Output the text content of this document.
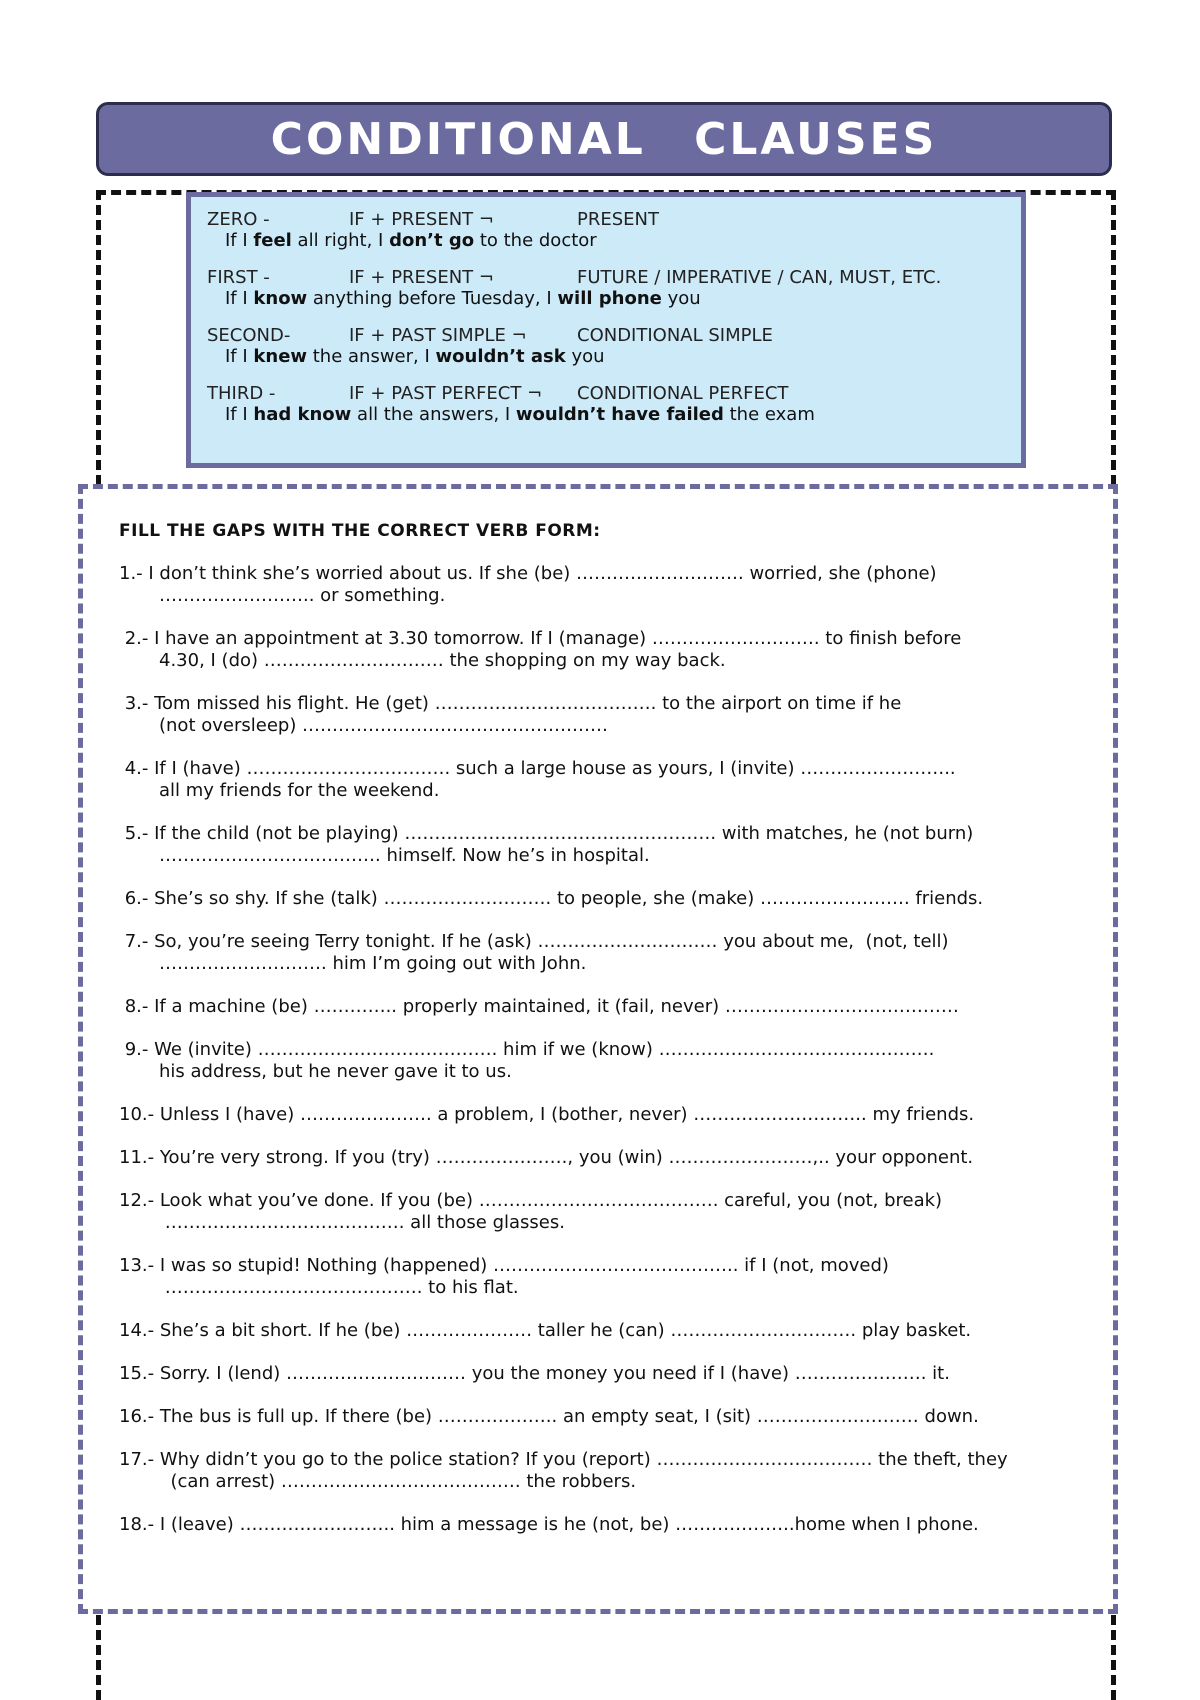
CONDITIONAL CLAUSES
ZERO -	IF + PRESENT ¬	PRESENT
If I feel all right, I don’t go to the doctor
FIRST -	IF + PRESENT ¬	FUTURE / IMPERATIVE / CAN, MUST, ETC.
If I know anything before Tuesday, I will phone you
SECOND-	IF + PAST SIMPLE ¬	CONDITIONAL SIMPLE
If I knew the answer, I wouldn’t ask you
THIRD -	IF + PAST PERFECT ¬	CONDITIONAL PERFECT
If I had know all the answers, I wouldn’t have failed the exam
FILL THE GAPS WITH THE CORRECT VERB FORM:
1.- I don’t think she’s worried about us. If she (be) ………………………. worried, she (phone)
…………………….. or something.
2.- I have an appointment at 3.30 tomorrow. If I (manage) ………………………. to finish before
4.30, I (do) ………………………… the shopping on my way back.
3.- Tom missed his flight. He (get) ………………………………. to the airport on time if he
(not oversleep) ……………………………………………
4.- If I (have) ……………………………. such a large house as yours, I (invite) ……………………..
all my friends for the weekend.
5.- If the child (not be playing) ……………………………………………. with matches, he (not burn)
………………………………. himself. Now he’s in hospital.
6.- She’s so shy. If she (talk) ………………………. to people, she (make) ……………………. friends.
7.- So, you’re seeing Terry tonight. If he (ask) ………………………… you about me,  (not, tell)
………………………. him I’m going out with John.
8.- If a machine (be) ………….. properly maintained, it (fail, never) …………………………………
9.- We (invite) …………………………………. him if we (know) ……………………………………….
his address, but he never gave it to us.
10.- Unless I (have) …………………. a problem, I (bother, never) ……………………….. my friends.
11.- You’re very strong. If you (try) …………………., you (win) ……………………,.. your opponent.
12.- Look what you’ve done. If you (be) …………………………………. careful, you (not, break)
…………………………………. all those glasses.
13.- I was so stupid! Nothing (happened) ………………………………….. if I (not, moved)
……………………………………. to his flat.
14.- She’s a bit short. If he (be) ………………… taller he (can) …………………………. play basket.
15.- Sorry. I (lend) ………………………… you the money you need if I (have) …………………. it.
16.- The bus is full up. If there (be) ……………….. an empty seat, I (sit) ……………………… down.
17.- Why didn’t you go to the police station? If you (report) ……………………………… the theft, they
(can arrest) …………………………………. the robbers.
18.- I (leave) …………………….. him a message is he (not, be) ………………..home when I phone.
